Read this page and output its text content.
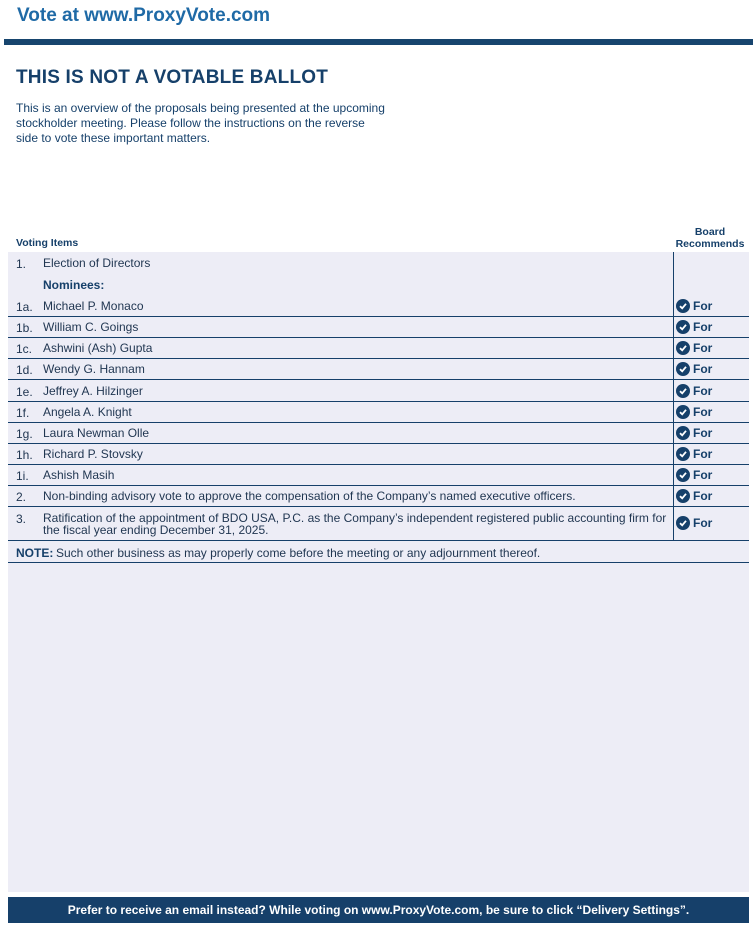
Vote at www.ProxyVote.com
THIS IS NOT A VOTABLE BALLOT
This is an overview of the proposals being presented at the upcoming stockholder meeting. Please follow the instructions on the reverse side to vote these important matters.
Voting Items
Board
Recommends
1. Election of Directors
Nominees:
1a. Michael P. Monaco	For
1b. William C. Goings	For
1c. Ashwini (Ash) Gupta	For
1d. Wendy G. Hannam	For
1e. Jeffrey A. Hilzinger	For
1f. Angela A. Knight	For
1g. Laura Newman Olle	For
1h. Richard P. Stovsky	For
1i. Ashish Masih	For
2. Non-binding advisory vote to approve the compensation of the Company’s named executive officers.	For
3. Ratification of the appointment of BDO USA, P.C. as the Company’s independent registered public accounting firm for the fiscal year ending December 31, 2025.	For
NOTE: Such other business as may properly come before the meeting or any adjournment thereof.
Prefer to receive an email instead? While voting on www.ProxyVote.com, be sure to click “Delivery Settings”.
